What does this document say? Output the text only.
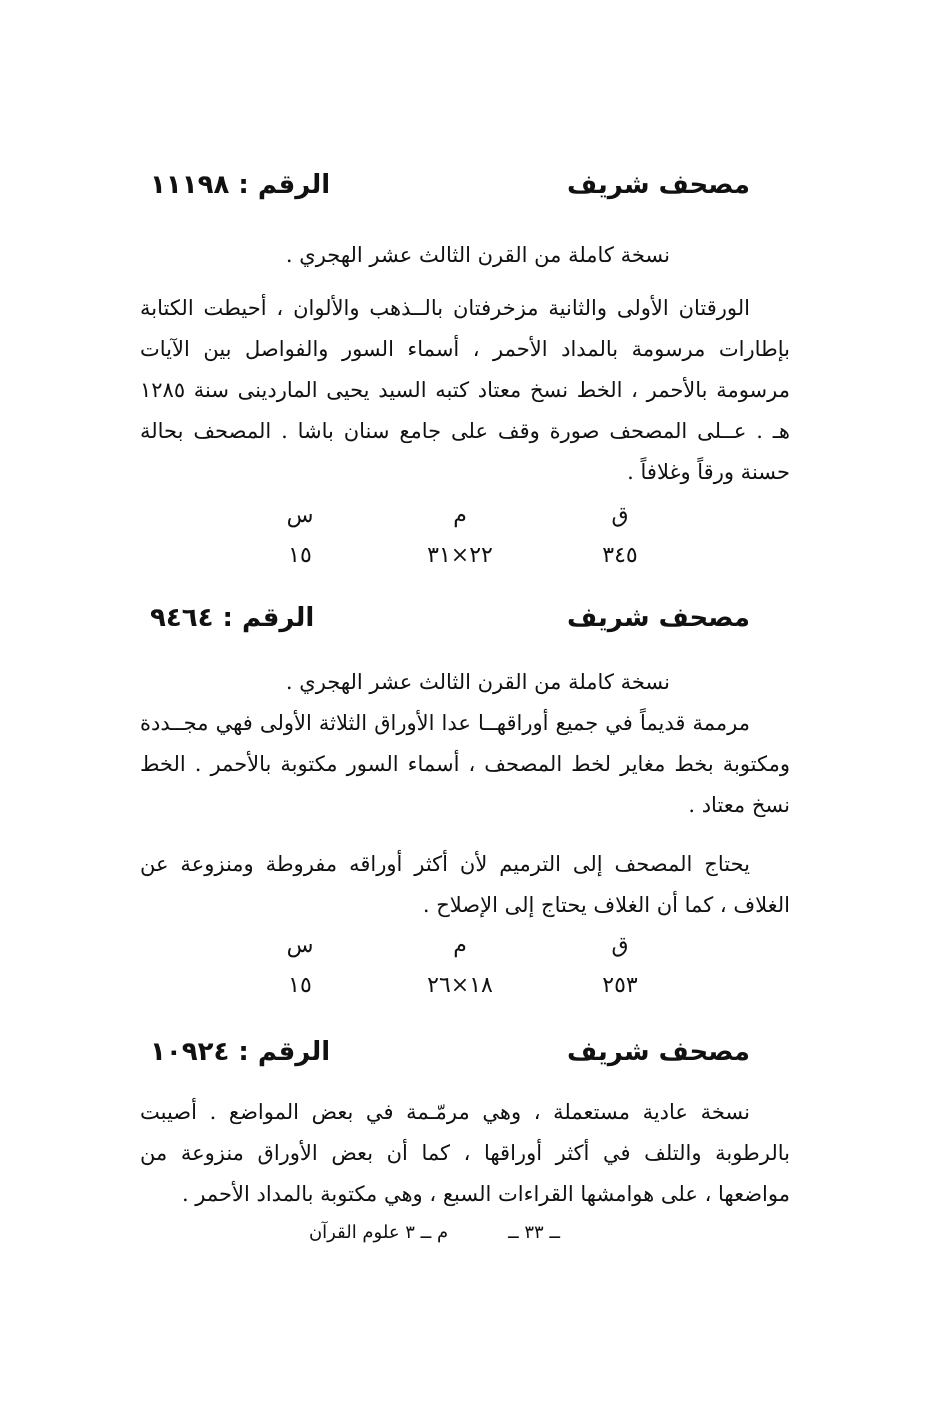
مصحف شريف
الرقم : ١١١٩٨

نسخة كاملة من القرن الثالث عشر الهجري .

الورقتان الأولى والثانية مزخرفتان بالــذهب والألوان ، أحيطت الكتابة بإطارات مرسومة بالمداد الأحمر ، أسماء السور والفواصل بين الآيات مرسومة بالأحمر ، الخط نسخ معتاد كتبه السيد يحيى الماردينى سنة ١٢٨٥ هـ . عــلى المصحف صورة وقف على جامع سنان باشا . المصحف بحالة حسنة ورقاً وغلافاً .

ق
م
س
٣٤٥
٢٢×٣١
١٥
مصحف شريف
الرقم : ٩٤٦٤

نسخة كاملة من القرن الثالث عشر الهجري .

مرممة قديماً في جميع أوراقهــا عدا الأوراق الثلاثة الأولى فهي مجــددة ومكتوبة بخط مغاير لخط المصحف ، أسماء السور مكتوبة بالأحمر . الخط نسخ معتاد .

يحتاج المصحف إلى الترميم لأن أكثر أوراقه مفروطة ومنزوعة عن الغلاف ، كما أن الغلاف يحتاج إلى الإصلاح .

ق
م
س
٢٥٣
١٨×٢٦
١٥
مصحف شريف
الرقم : ١٠٩٢٤

نسخة عادية مستعملة ، وهي مرمّـمة في بعض المواضع . أصيبت بالرطوبة والتلف في أكثر أوراقها ، كما أن بعض الأوراق منزوعة من مواضعها ، على هوامشها القراءات السبع ، وهي مكتوبة بالمداد الأحمر .

ــ ٣٣ ــ
م ــ ٣ علوم القرآن
